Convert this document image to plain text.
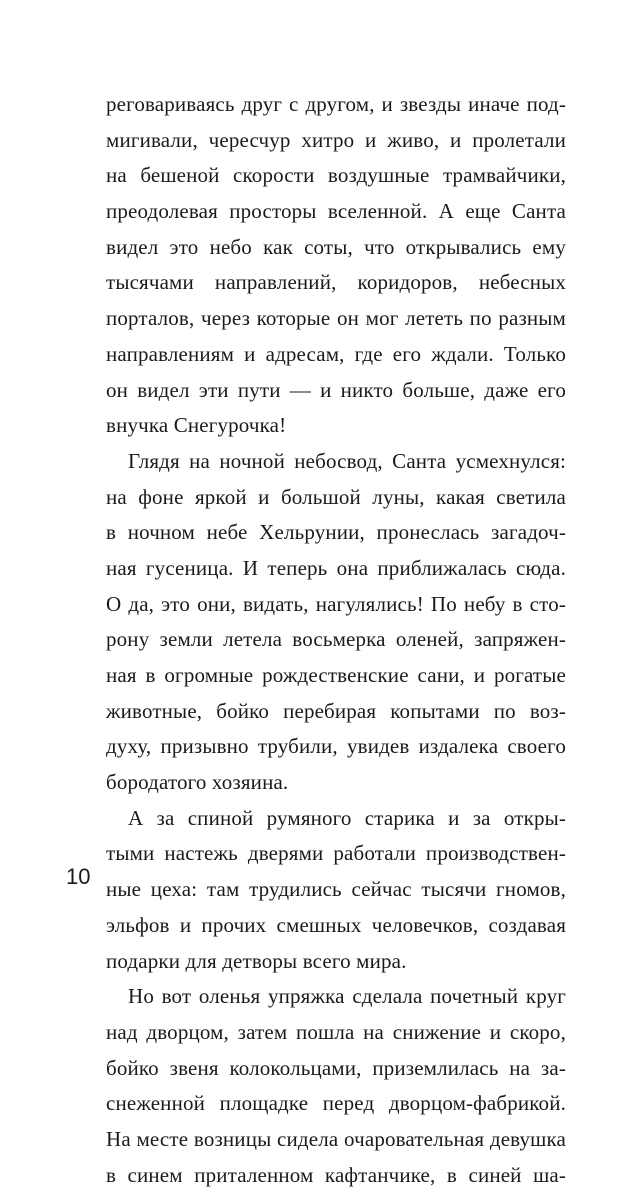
реговариваясь друг с другом, и звезды иначе под-
мигивали, чересчур хитро и живо, и пролетали
на бешеной скорости воздушные трамвайчики,
преодолевая просторы вселенной. А еще Санта
видел это небо как соты, что открывались ему
тысячами направлений, коридоров, небесных
порталов, через которые он мог лететь по разным
направлениям и адресам, где его ждали. Только
он видел эти пути — и никто больше, даже его
внучка Снегурочка!
Глядя на ночной небосвод, Санта усмехнулся:
на фоне яркой и большой луны, какая светила
в ночном небе Хельрунии, пронеслась загадоч-
ная гусеница. И теперь она приближалась сюда.
О да, это они, видать, нагулялись! По небу в сто-
рону земли летела восьмерка оленей, запряжен-
ная в огромные рождественские сани, и рогатые
животные, бойко перебирая копытами по воз-
духу, призывно трубили, увидев издалека своего
бородатого хозяина.
А за спиной румяного старика и за откры-
тыми настежь дверями работали производствен-
ные цеха: там трудились сейчас тысячи гномов,
эльфов и прочих смешных человечков, создавая
подарки для детворы всего мира.
Но вот оленья упряжка сделала почетный круг
над дворцом, затем пошла на снижение и скоро,
бойко звеня колокольцами, приземлилась на за-
снеженной площадке перед дворцом-фабрикой.
На месте возницы сидела очаровательная девушка
в синем приталенном кафтанчике, в синей ша-
10
